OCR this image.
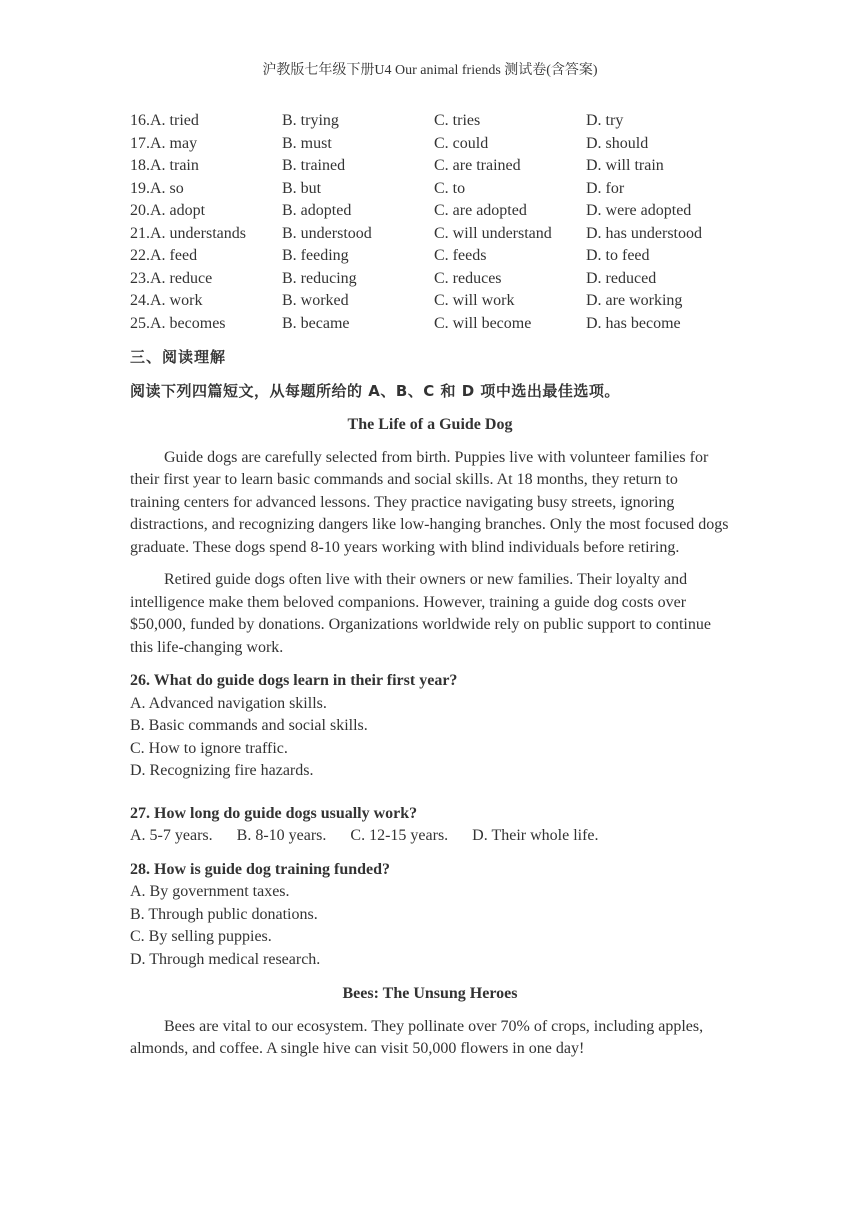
沪教版七年级下册U4 Our animal friends 测试卷(含答案)
16.A. tried	B. trying	C. tries	D. try
17.A. may	B. must	C. could	D. should
18.A. train	B. trained	C. are trained	D. will train
19.A. so	B. but	C. to	D. for
20.A. adopt	B. adopted	C. are adopted	D. were adopted
21.A. understands	B. understood	C. will understand	D. has understood
22.A. feed	B. feeding	C. feeds	D. to feed
23.A. reduce	B. reducing	C. reduces	D. reduced
24.A. work	B. worked	C. will work	D. are working
25.A. becomes	B. became	C. will become	D. has become
三、阅读理解
阅读下列四篇短文，从每题所给的 A、B、C 和 D 项中选出最佳选项。
The Life of a Guide Dog

Guide dogs are carefully selected from birth. Puppies live with volunteer families for their first year to learn basic commands and social skills. At 18 months, they return to training centers for advanced lessons. They practice navigating busy streets, ignoring distractions, and recognizing dangers like low-hanging branches. Only the most focused dogs graduate. These dogs spend 8-10 years working with blind individuals before retiring.

Retired guide dogs often live with their owners or new families. Their loyalty and intelligence make them beloved companions. However, training a guide dog costs over $50,000, funded by donations. Organizations worldwide rely on public support to continue this life-changing work.

26. What do guide dogs learn in their first year?
A. Advanced navigation skills.
B. Basic commands and social skills.
C. How to ignore traffic.
D. Recognizing fire hazards.
27. How long do guide dogs usually work?
A. 5-7 years. B. 8-10 years. C. 12-15 years. D. Their whole life.
28. How is guide dog training funded?
A. By government taxes.
B. Through public donations.
C. By selling puppies.
D. Through medical research.
Bees: The Unsung Heroes

Bees are vital to our ecosystem. They pollinate over 70% of crops, including apples, almonds, and coffee. A single hive can visit 50,000 flowers in one day!
